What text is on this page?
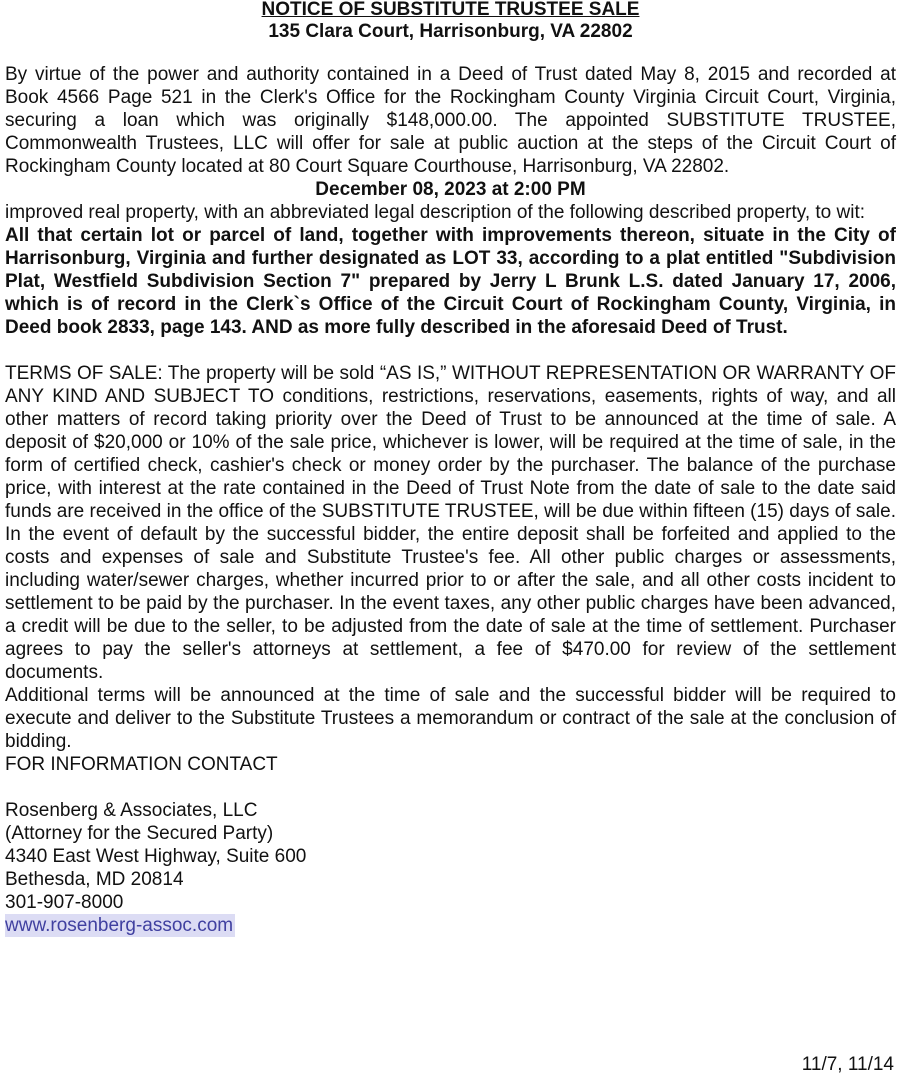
NOTICE OF SUBSTITUTE TRUSTEE SALE
135 Clara Court, Harrisonburg, VA 22802

By virtue of the power and authority contained in a Deed of Trust dated May 8, 2015 and recorded at Book 4566 Page 521 in the Clerk's Office for the Rockingham County Virginia Circuit Court, Virginia, securing a loan which was originally $148,000.00. The appointed SUBSTITUTE TRUSTEE, Commonwealth Trustees, LLC will offer for sale at public auction at the steps of the Circuit Court of Rockingham County located at 80 Court Square Courthouse, Harrisonburg, VA 22802.

December 08, 2023 at 2:00 PM

improved real property, with an abbreviated legal description of the following described property, to wit:

All that certain lot or parcel of land, together with improvements thereon, situate in the City of Harrisonburg, Virginia and further designated as LOT 33, according to a plat entitled "Subdivision Plat, Westfield Subdivision Section 7" prepared by Jerry L Brunk L.S. dated January 17, 2006, which is of record in the Clerk`s Office of the Circuit Court of Rockingham County, Virginia, in Deed book 2833, page 143. AND as more fully described in the aforesaid Deed of Trust.

TERMS OF SALE: The property will be sold “AS IS,” WITHOUT REPRESENTATION OR WARRANTY OF ANY KIND AND SUBJECT TO conditions, restrictions, reservations, easements, rights of way, and all other matters of record taking priority over the Deed of Trust to be announced at the time of sale. A deposit of $20,000 or 10% of the sale price, whichever is lower, will be required at the time of sale, in the form of certified check, cashier's check or money order by the purchaser. The balance of the purchase price, with interest at the rate contained in the Deed of Trust Note from the date of sale to the date said funds are received in the office of the SUBSTITUTE TRUSTEE, will be due within fifteen (15) days of sale. In the event of default by the successful bidder, the entire deposit shall be forfeited and applied to the costs and expenses of sale and Substitute Trustee's fee. All other public charges or assessments, including water/sewer charges, whether incurred prior to or after the sale, and all other costs incident to settlement to be paid by the purchaser. In the event taxes, any other public charges have been advanced, a credit will be due to the seller, to be adjusted from the date of sale at the time of settlement. Purchaser agrees to pay the seller's attorneys at settlement, a fee of $470.00 for review of the settlement documents.

Additional terms will be announced at the time of sale and the successful bidder will be required to execute and deliver to the Substitute Trustees a memorandum or contract of the sale at the conclusion of bidding.

FOR INFORMATION CONTACT
Rosenberg & Associates, LLC
(Attorney for the Secured Party)
4340 East West Highway, Suite 600
Bethesda, MD 20814
301-907-8000
www.rosenberg-assoc.com
11/7, 11/14
